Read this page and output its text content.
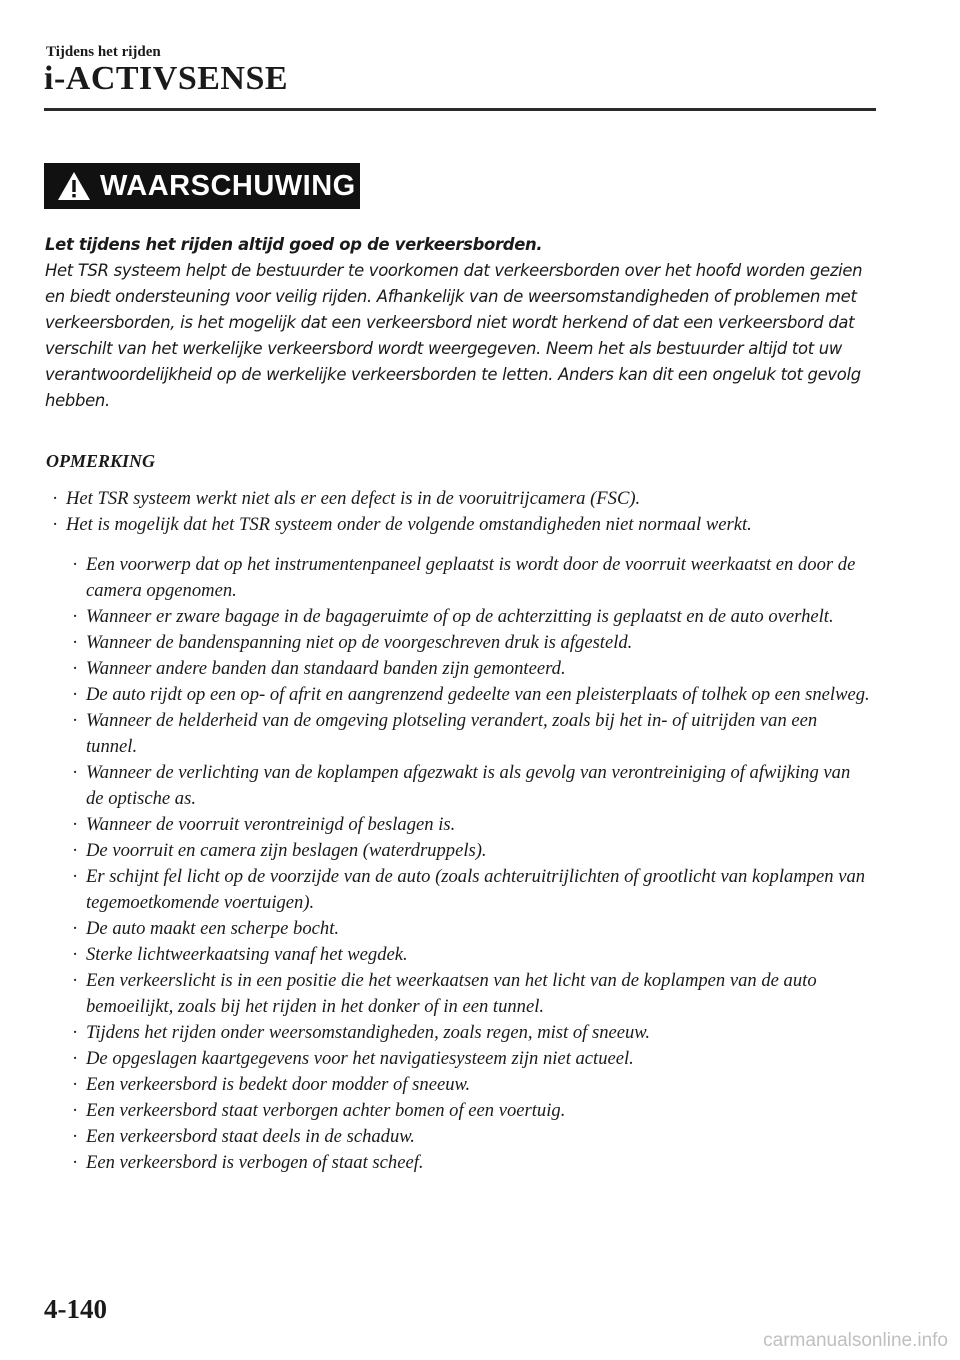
Tijdens het rijden
i-ACTIVSENSE
WAARSCHUWING

Let tijdens het rijden altijd goed op de verkeersborden.

Het TSR systeem helpt de bestuurder te voorkomen dat verkeersborden over het hoofd worden gezien en biedt ondersteuning voor veilig rijden. Afhankelijk van de weersomstandigheden of problemen met verkeersborden, is het mogelijk dat een verkeersbord niet wordt herkend of dat een verkeersbord dat verschilt van het werkelijke verkeersbord wordt weergegeven. Neem het als bestuurder altijd tot uw verantwoordelijkheid op de werkelijke verkeersborden te letten. Anders kan dit een ongeluk tot gevolg hebben.

OPMERKING
· Het TSR systeem werkt niet als er een defect is in de vooruitrijcamera (FSC).
· Het is mogelijk dat het TSR systeem onder de volgende omstandigheden niet normaal werkt.
· Een voorwerp dat op het instrumentenpaneel geplaatst is wordt door de voorruit weerkaatst en door de camera opgenomen.
· Wanneer er zware bagage in de bagageruimte of op de achterzitting is geplaatst en de auto overhelt.
· Wanneer de bandenspanning niet op de voorgeschreven druk is afgesteld.
· Wanneer andere banden dan standaard banden zijn gemonteerd.
· De auto rijdt op een op- of afrit en aangrenzend gedeelte van een pleisterplaats of tolhek op een snelweg.
· Wanneer de helderheid van de omgeving plotseling verandert, zoals bij het in- of uitrijden van een tunnel.
· Wanneer de verlichting van de koplampen afgezwakt is als gevolg van verontreiniging of afwijking van de optische as.
· Wanneer de voorruit verontreinigd of beslagen is.
· De voorruit en camera zijn beslagen (waterdruppels).
· Er schijnt fel licht op de voorzijde van de auto (zoals achteruitrijlichten of grootlicht van koplampen van tegemoetkomende voertuigen).
· De auto maakt een scherpe bocht.
· Sterke lichtweerkaatsing vanaf het wegdek.
· Een verkeerslicht is in een positie die het weerkaatsen van het licht van de koplampen van de auto bemoeilijkt, zoals bij het rijden in het donker of in een tunnel.
· Tijdens het rijden onder weersomstandigheden, zoals regen, mist of sneeuw.
· De opgeslagen kaartgegevens voor het navigatiesysteem zijn niet actueel.
· Een verkeersbord is bedekt door modder of sneeuw.
· Een verkeersbord staat verborgen achter bomen of een voertuig.
· Een verkeersbord staat deels in de schaduw.
· Een verkeersbord is verbogen of staat scheef.
4-140
carmanualsonline.info
